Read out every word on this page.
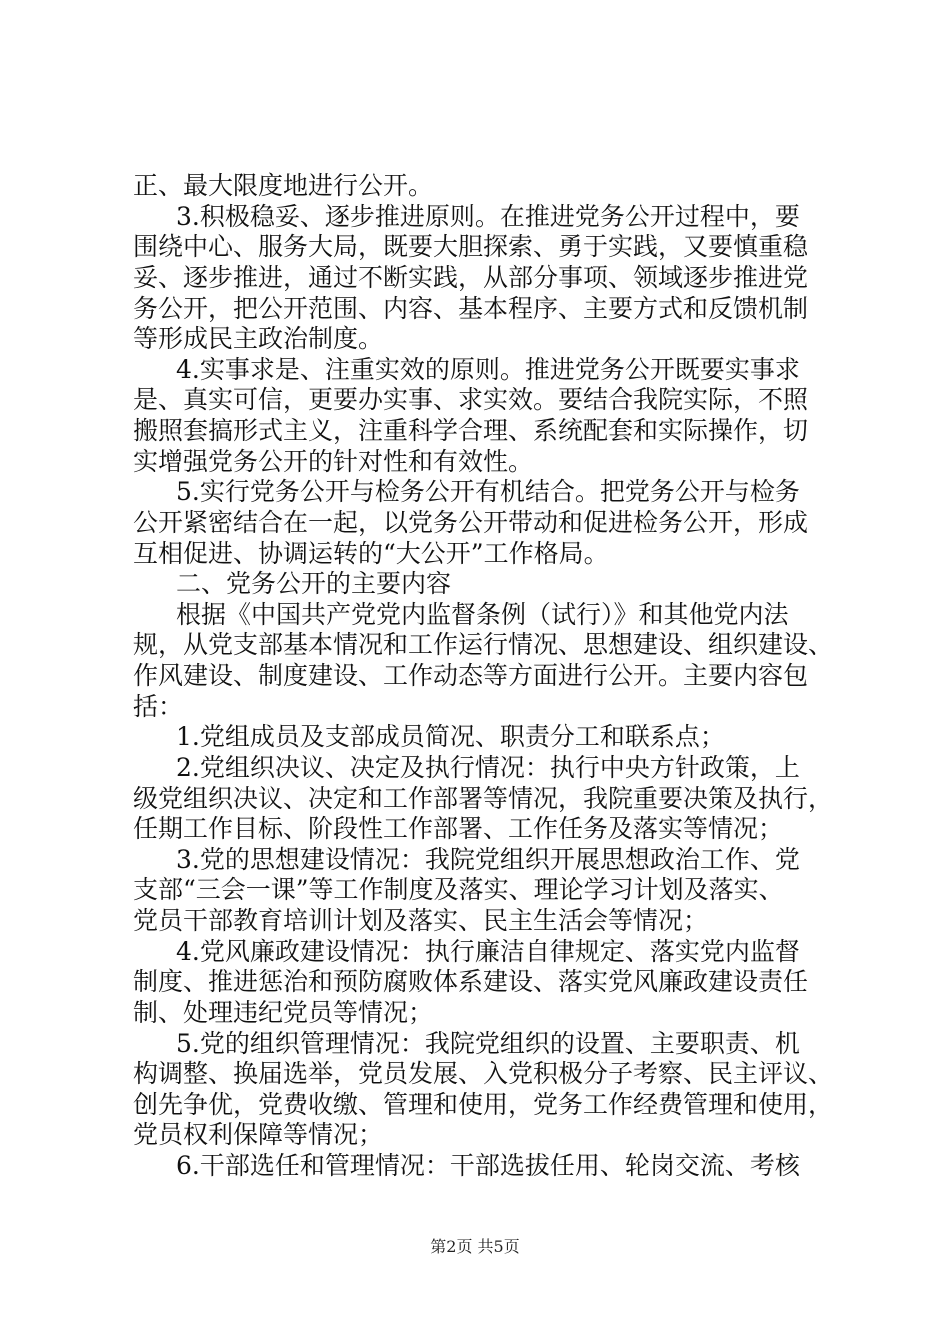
正、最大限度地进行公开。
3.积极稳妥、逐步推进原则。在推进党务公开过程中，要
围绕中心、服务大局，既要大胆探索、勇于实践，又要慎重稳
妥、逐步推进，通过不断实践，从部分事项、领域逐步推进党
务公开，把公开范围、内容、基本程序、主要方式和反馈机制
等形成民主政治制度。
4.实事求是、注重实效的原则。推进党务公开既要实事求
是、真实可信，更要办实事、求实效。要结合我院实际，不照
搬照套搞形式主义，注重科学合理、系统配套和实际操作，切
实增强党务公开的针对性和有效性。
5.实行党务公开与检务公开有机结合。把党务公开与检务
公开紧密结合在一起，以党务公开带动和促进检务公开，形成
互相促进、协调运转的“大公开”工作格局。
二、党务公开的主要内容
根据《中国共产党党内监督条例（试行）》和其他党内法
规，从党支部基本情况和工作运行情况、思想建设、组织建设、
作风建设、制度建设、工作动态等方面进行公开。主要内容包
括：
1.党组成员及支部成员简况、职责分工和联系点；
2.党组织决议、决定及执行情况：执行中央方针政策，上
级党组织决议、决定和工作部署等情况，我院重要决策及执行，
任期工作目标、阶段性工作部署、工作任务及落实等情况；
3.党的思想建设情况：我院党组织开展思想政治工作、党
支部“三会一课”等工作制度及落实、理论学习计划及落实、
党员干部教育培训计划及落实、民主生活会等情况；
4.党风廉政建设情况：执行廉洁自律规定、落实党内监督
制度、推进惩治和预防腐败体系建设、落实党风廉政建设责任
制、处理违纪党员等情况；
5.党的组织管理情况：我院党组织的设置、主要职责、机
构调整、换届选举，党员发展、入党积极分子考察、民主评议、
创先争优，党费收缴、管理和使用，党务工作经费管理和使用，
党员权利保障等情况；
6.干部选任和管理情况：干部选拔任用、轮岗交流、考核
第2页 共5页
